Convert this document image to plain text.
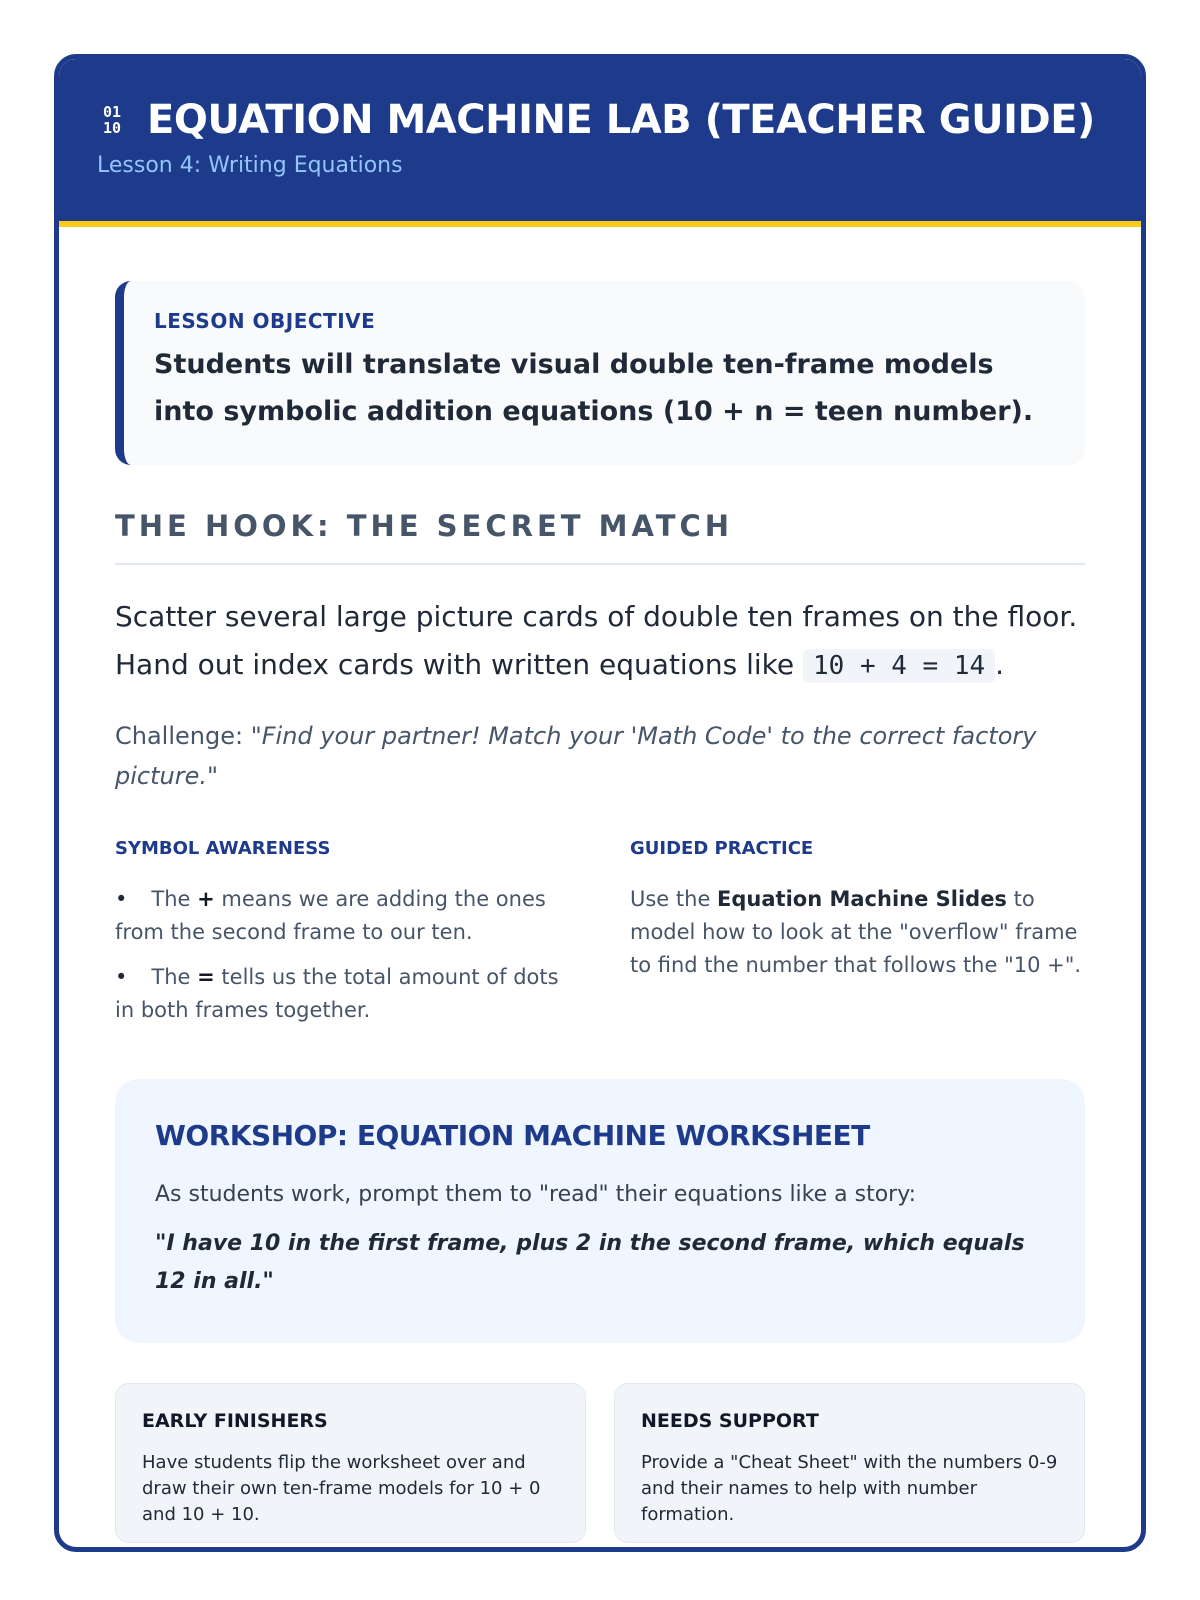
01
10 EQUATION MACHINE LAB (TEACHER GUIDE)
Lesson 4: Writing Equations
LESSON OBJECTIVE
Students will translate visual double ten-frame models into symbolic addition equations (10 + n = teen number).
THE HOOK: THE SECRET MATCH
Scatter several large picture cards of double ten frames on the floor. Hand out index cards with written equations like 10 + 4 = 14 .
Challenge: "Find your partner! Match your 'Math Code' to the correct factory picture."
SYMBOL AWARENESS
• The + means we are adding the ones from the second frame to our ten.
• The = tells us the total amount of dots in both frames together.
GUIDED PRACTICE
Use the Equation Machine Slides to model how to look at the "overflow" frame to find the number that follows the "10 +".
WORKSHOP: EQUATION MACHINE WORKSHEET
As students work, prompt them to "read" their equations like a story:
"I have 10 in the first frame, plus 2 in the second frame, which equals 12 in all."
EARLY FINISHERS
Have students flip the worksheet over and draw their own ten-frame models for 10 + 0 and 10 + 10.
NEEDS SUPPORT
Provide a "Cheat Sheet" with the numbers 0-9 and their names to help with number formation.
